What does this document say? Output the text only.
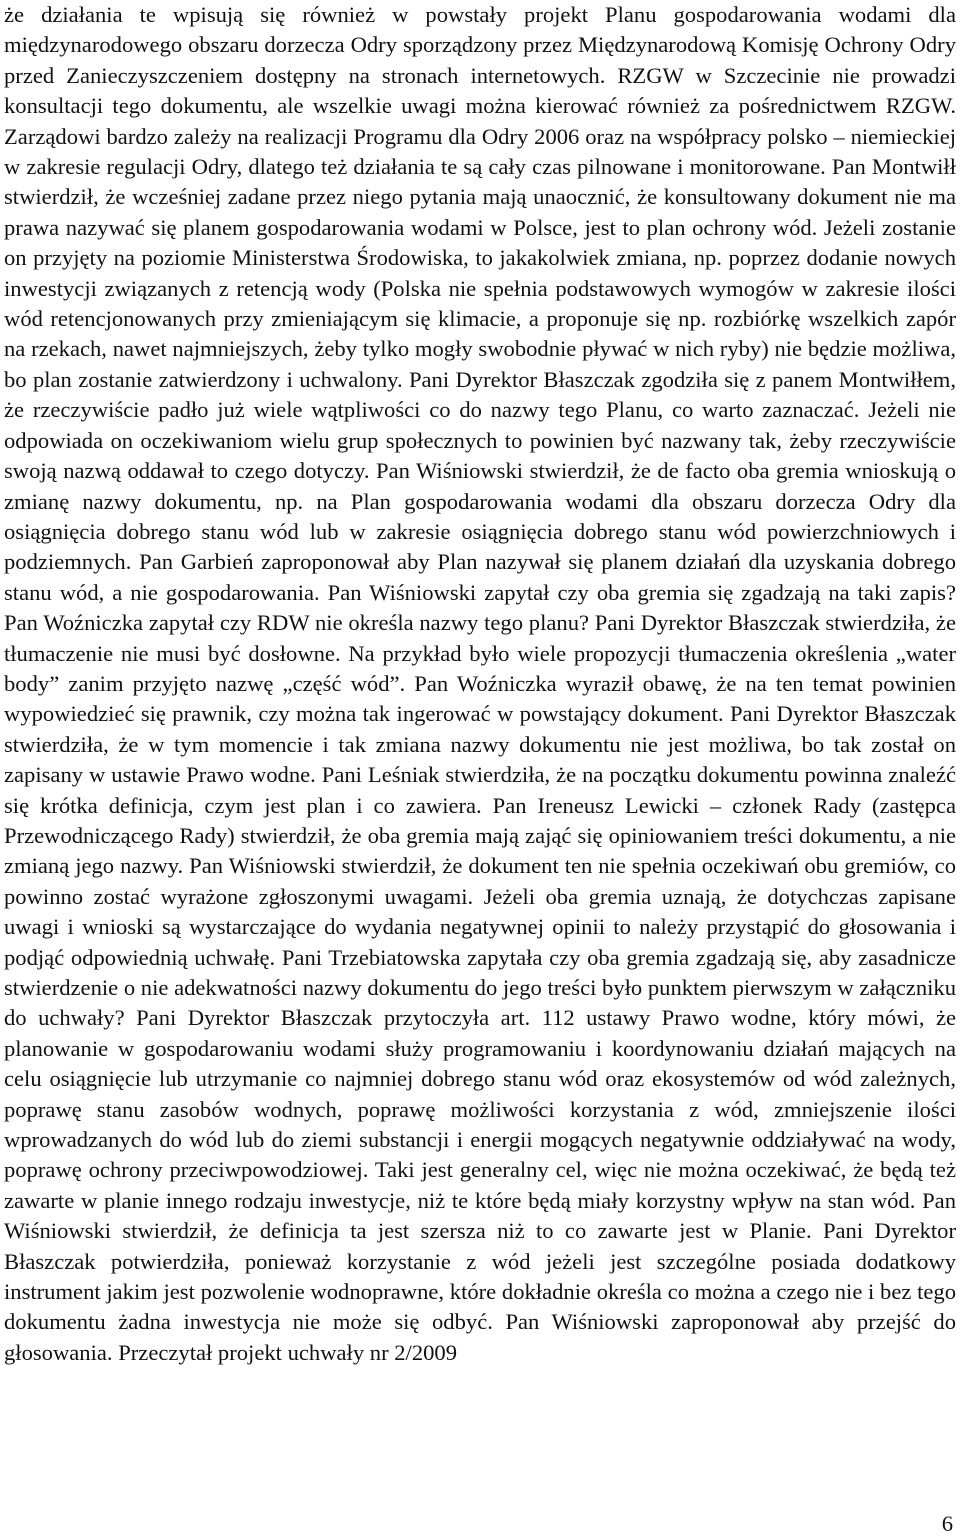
że działania te wpisują się również w powstały projekt Planu gospodarowania wodami dla międzynarodowego obszaru dorzecza Odry sporządzony przez Międzynarodową Komisję Ochrony Odry przed Zanieczyszczeniem dostępny na stronach internetowych. RZGW w Szczecinie nie prowadzi konsultacji tego dokumentu, ale wszelkie uwagi można kierować również za pośrednictwem RZGW. Zarządowi bardzo zależy na realizacji Programu dla Odry 2006 oraz na współpracy polsko – niemieckiej w zakresie regulacji Odry, dlatego też działania te są cały czas pilnowane i monitorowane. Pan Montwiłł stwierdził, że wcześniej zadane przez niego pytania mają unaocznić, że konsultowany dokument nie ma prawa nazywać się planem gospodarowania wodami w Polsce, jest to plan ochrony wód. Jeżeli zostanie on przyjęty na poziomie Ministerstwa Środowiska, to jakakolwiek zmiana, np. poprzez dodanie nowych inwestycji związanych z retencją wody (Polska nie spełnia podstawowych wymogów w zakresie ilości wód retencjonowanych przy zmieniającym się klimacie, a proponuje się np. rozbiórkę wszelkich zapór na rzekach, nawet najmniejszych, żeby tylko mogły swobodnie pływać w nich ryby) nie będzie możliwa, bo plan zostanie zatwierdzony i uchwalony. Pani Dyrektor Błaszczak zgodziła się z panem Montwiłłem, że rzeczywiście padło już wiele wątpliwości co do nazwy tego Planu, co warto zaznaczać. Jeżeli nie odpowiada on oczekiwaniom wielu grup społecznych to powinien być nazwany tak, żeby rzeczywiście swoją nazwą oddawał to czego dotyczy. Pan Wiśniowski stwierdził, że de facto oba gremia wnioskują o zmianę nazwy dokumentu, np. na Plan gospodarowania wodami dla obszaru dorzecza Odry dla osiągnięcia dobrego stanu wód lub w zakresie osiągnięcia dobrego stanu wód powierzchniowych i podziemnych. Pan Garbień zaproponował aby Plan nazywał się planem działań dla uzyskania dobrego stanu wód, a nie gospodarowania. Pan Wiśniowski zapytał czy oba gremia się zgadzają na taki zapis? Pan Woźniczka zapytał czy RDW nie określa nazwy tego planu? Pani Dyrektor Błaszczak stwierdziła, że tłumaczenie nie musi być dosłowne. Na przykład było wiele propozycji tłumaczenia określenia „water body” zanim przyjęto nazwę „część wód”. Pan Woźniczka wyraził obawę, że na ten temat powinien wypowiedzieć się prawnik, czy można tak ingerować w powstający dokument. Pani Dyrektor Błaszczak stwierdziła, że w tym momencie i tak zmiana nazwy dokumentu nie jest możliwa, bo tak został on zapisany w ustawie Prawo wodne. Pani Leśniak stwierdziła, że na początku dokumentu powinna znaleźć się krótka definicja, czym jest plan i co zawiera. Pan Ireneusz Lewicki – członek Rady (zastępca Przewodniczącego Rady) stwierdził, że oba gremia mają zająć się opiniowaniem treści dokumentu, a nie zmianą jego nazwy. Pan Wiśniowski stwierdził, że dokument ten nie spełnia oczekiwań obu gremiów, co powinno zostać wyrażone zgłoszonymi uwagami. Jeżeli oba gremia uznają, że dotychczas zapisane uwagi i wnioski są wystarczające do wydania negatywnej opinii to należy przystąpić do głosowania i podjąć odpowiednią uchwałę. Pani Trzebiatowska zapytała czy oba gremia zgadzają się, aby zasadnicze stwierdzenie o nie adekwatności nazwy dokumentu do jego treści było punktem pierwszym w załączniku do uchwały? Pani Dyrektor Błaszczak przytoczyła art. 112 ustawy Prawo wodne, który mówi, że planowanie w gospodarowaniu wodami służy programowaniu i koordynowaniu działań mających na celu osiągnięcie lub utrzymanie co najmniej dobrego stanu wód oraz ekosystemów od wód zależnych, poprawę stanu zasobów wodnych, poprawę możliwości korzystania z wód, zmniejszenie ilości wprowadzanych do wód lub do ziemi substancji i energii mogących negatywnie oddziaływać na wody, poprawę ochrony przeciwpowodziowej. Taki jest generalny cel, więc nie można oczekiwać, że będą też zawarte w planie innego rodzaju inwestycje, niż te które będą miały korzystny wpływ na stan wód. Pan Wiśniowski stwierdził, że definicja ta jest szersza niż to co zawarte jest w Planie. Pani Dyrektor Błaszczak potwierdziła, ponieważ korzystanie z wód jeżeli jest szczególne posiada dodatkowy instrument jakim jest pozwolenie wodnoprawne, które dokładnie określa co można a czego nie i bez tego dokumentu żadna inwestycja nie może się odbyć. Pan Wiśniowski zaproponował aby przejść do głosowania. Przeczytał projekt uchwały nr 2/2009

6
